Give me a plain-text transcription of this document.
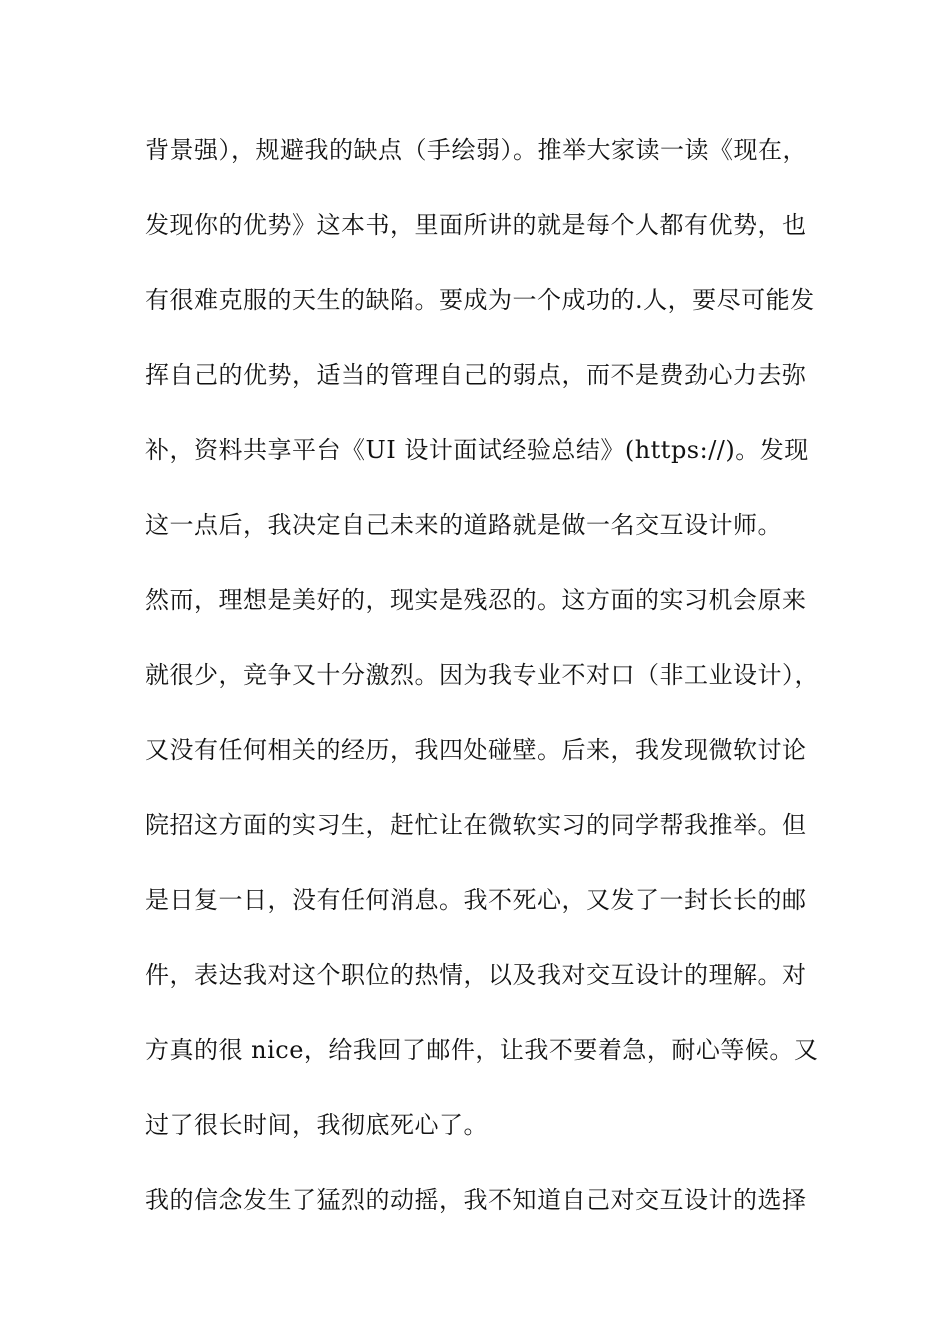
背景强），规避我的缺点（手绘弱）。推举大家读一读《现在，
发现你的优势》这本书，里面所讲的就是每个人都有优势，也
有很难克服的天生的缺陷。要成为一个成功的.人，要尽可能发
挥自己的优势，适当的管理自己的弱点，而不是费劲心力去弥
补，资料共享平台《UI 设计面试经验总结》(https://)。发现
这一点后，我决定自己未来的道路就是做一名交互设计师。
然而，理想是美好的，现实是残忍的。这方面的实习机会原来
就很少，竞争又十分激烈。因为我专业不对口（非工业设计），
又没有任何相关的经历，我四处碰壁。后来，我发现微软讨论
院招这方面的实习生，赶忙让在微软实习的同学帮我推举。但
是日复一日，没有任何消息。我不死心，又发了一封长长的邮
件，表达我对这个职位的热情，以及我对交互设计的理解。对
方真的很 nice，给我回了邮件，让我不要着急，耐心等候。又
过了很长时间，我彻底死心了。
我的信念发生了猛烈的动摇，我不知道自己对交互设计的选择
